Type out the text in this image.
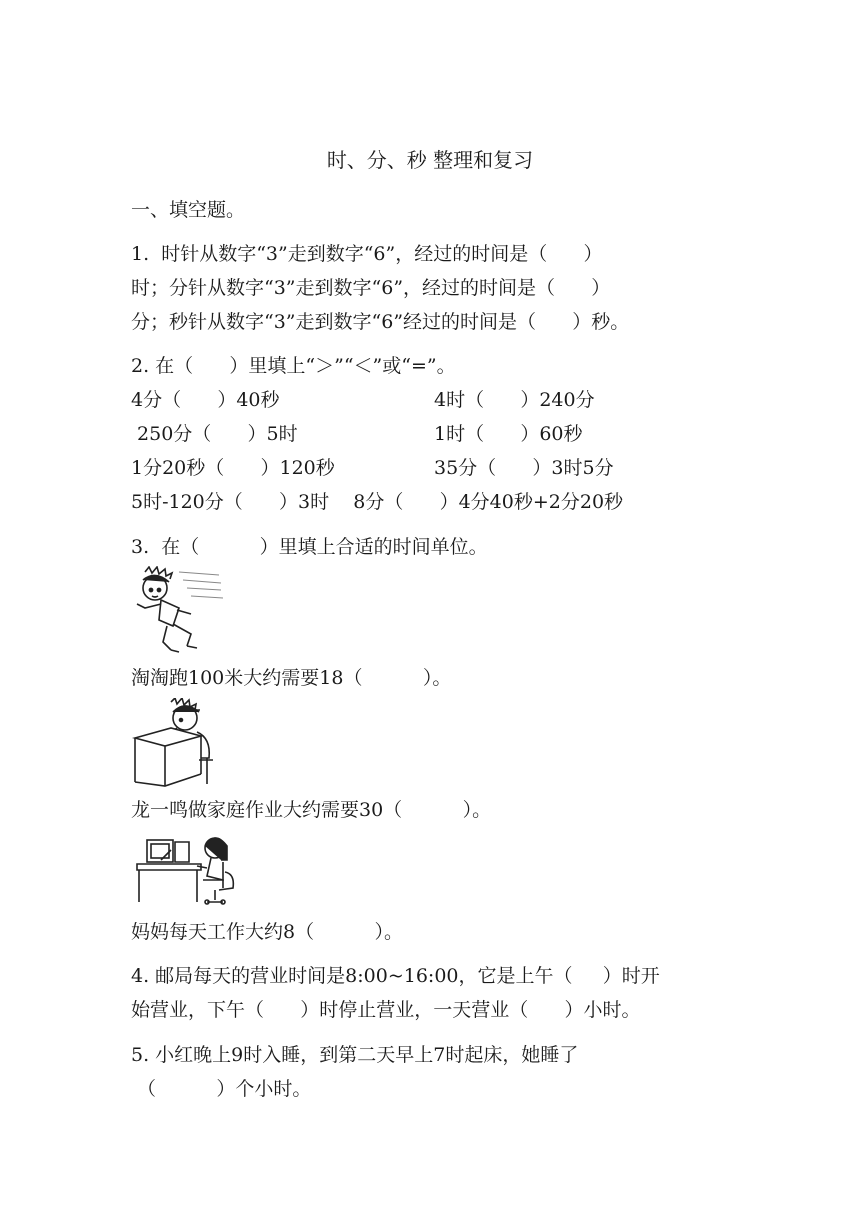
时、分、秒 整理和复习
一、填空题。
1.  时针从数字“3”走到数字“6”，经过的时间是（      ）
时；分针从数字“3”走到数字“6”，经过的时间是（      ）
分；秒针从数字“3”走到数字“6”经过的时间是（      ）秒。
2. 在（      ）里填上“＞”“＜”或“=”。
4分（      ）40秒	4时（      ）240分
250分（      ）5时	1时（      ）60秒
1分20秒（      ）120秒	35分（      ）3时5分
5时-120分（      ）3时    8分（      ）4分40秒+2分20秒
3.  在（          ）里填上合适的时间单位。
淘淘跑100米大约需要18（          ）。
龙一鸣做家庭作业大约需要30（          ）。
妈妈每天工作大约8（          ）。
4. 邮局每天的营业时间是8:00~16:00，它是上午（     ）时开
始营业，下午（      ）时停止营业，一天营业（      ）小时。
5. 小红晚上9时入睡，到第二天早上7时起床，她睡了
（          ）个小时。
